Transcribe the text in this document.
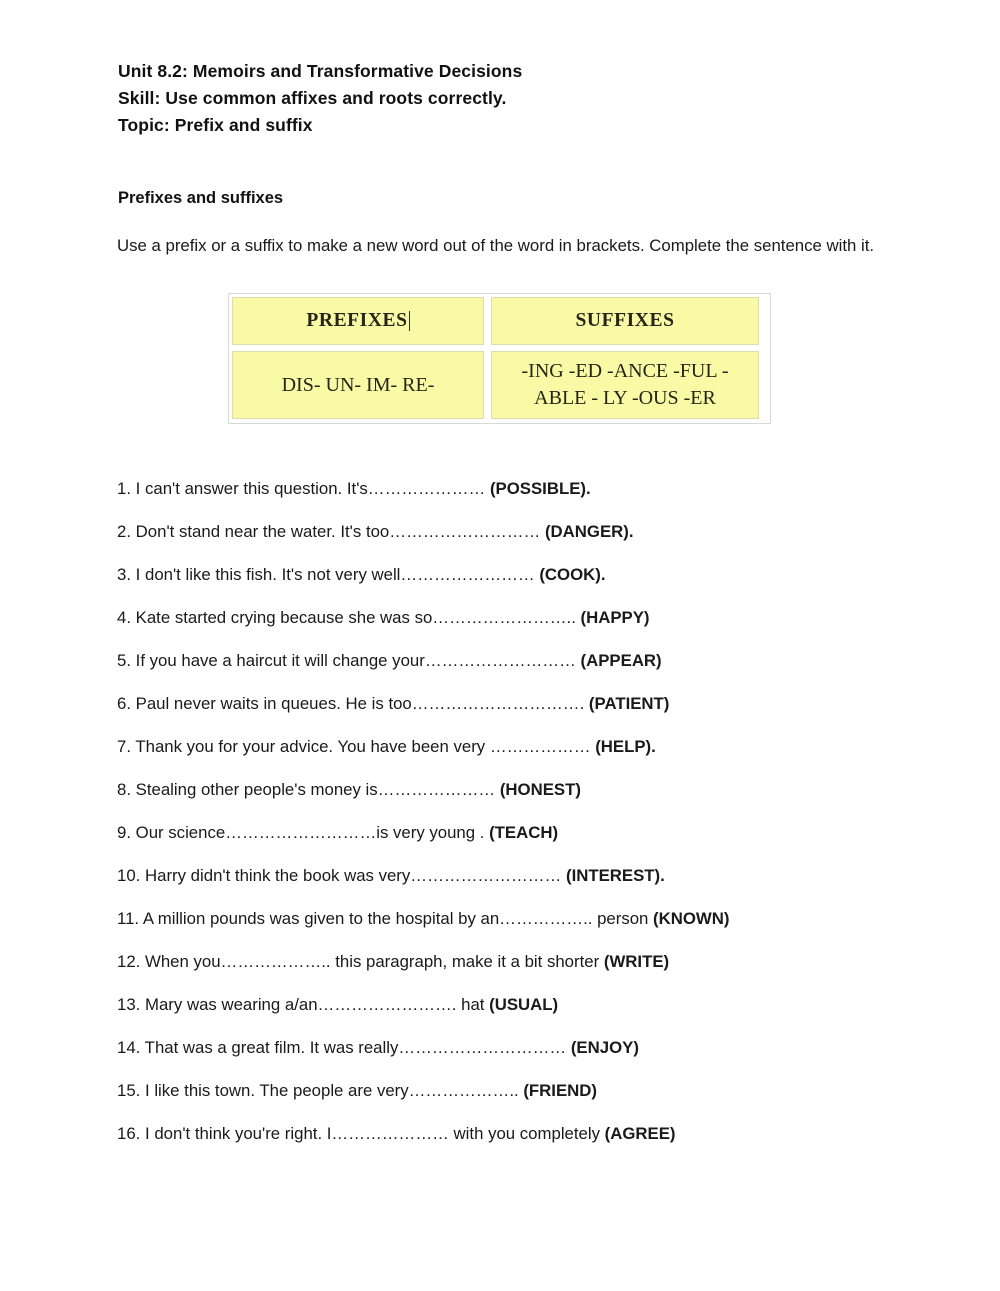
Unit 8.2: Memoirs and Transformative Decisions
Skill: Use common affixes and roots correctly.
Topic: Prefix and suffix
Prefixes and suffixes
Use a prefix or a suffix to make a new word out of the word in brackets. Complete the sentence with it.
PREFIXES	SUFFIXES
DIS- UN- IM- RE-
-ING -ED -ANCE -FUL -ABLE - LY -OUS -ER
1. I can't answer this question. It's………………… (POSSIBLE).
2. Don't stand near the water. It's too……………………… (DANGER).
3. I don't like this fish. It's not very well…………………… (COOK).
4. Kate started crying because she was so…………………….. (HAPPY)
5. If you have a haircut it will change your……………………… (APPEAR)
6. Paul never waits in queues. He is too…………………………. (PATIENT)
7. Thank you for your advice. You have been very ……………… (HELP).
8. Stealing other people's money is………………… (HONEST)
9. Our science………………………is very young . (TEACH)
10. Harry didn't think the book was very……………………… (INTEREST).
11. A million pounds was given to the hospital by an…………….. person (KNOWN)
12. When you……………….. this paragraph, make it a bit shorter (WRITE)
13. Mary was wearing a/an……………………. hat (USUAL)
14. That was a great film. It was really………………………… (ENJOY)
15. I like this town. The people are very……………….. (FRIEND)
16. I don't think you're right. I………………… with you completely (AGREE)
